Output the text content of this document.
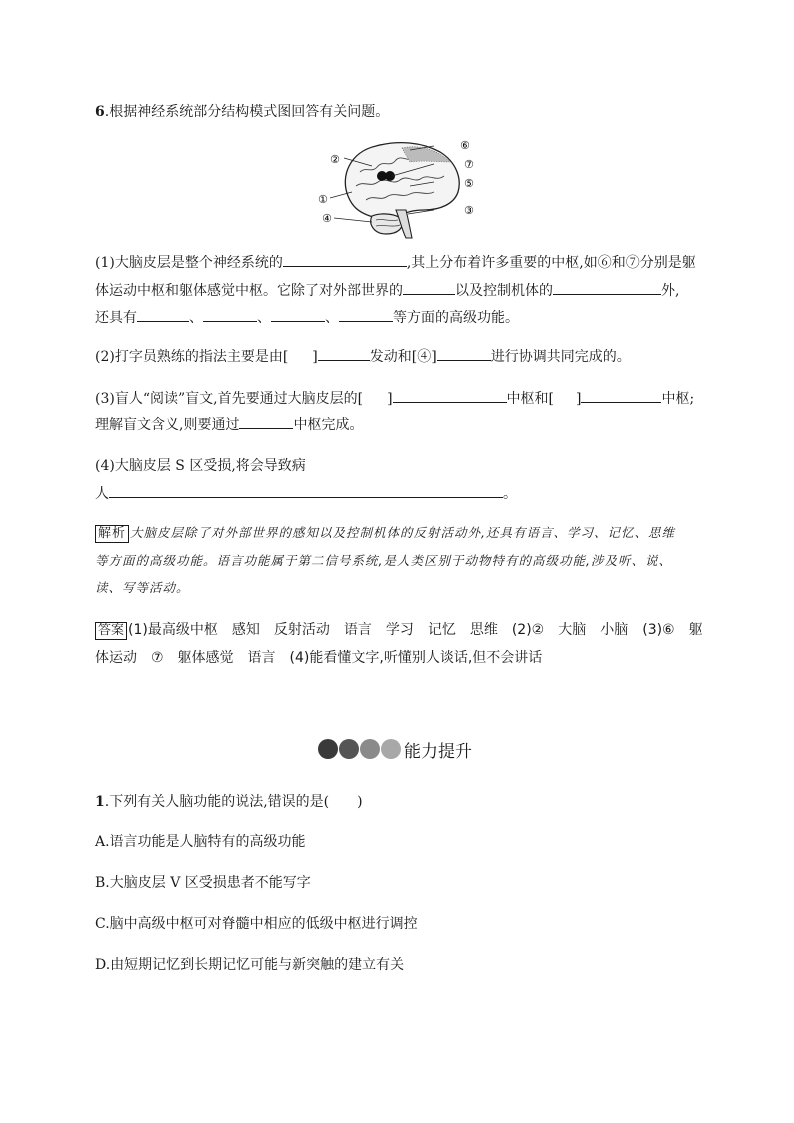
6.根据神经系统部分结构模式图回答有关问题。
①
②
③
④
⑤
⑥
⑦
(1)大脑皮层是整个神经系统的	,其上分布着许多重要的中枢,如⑥和⑦分别是躯
体运动中枢和躯体感觉中枢。它除了对外部世界的	以及控制机体的	外,
还具有	、	、	、	等方面的高级功能。
(2)打字员熟练的指法主要是由[ ]	发动和[④]	进行协调共同完成的。
(3)盲人“阅读”盲文,首先要通过大脑皮层的[ ]	中枢和[ ]	中枢;
理解盲文含义,则要通过	中枢完成。
(4)大脑皮层 S 区受损,将会导致病
人	。
解析 大脑皮层除了对外部世界的感知以及控制机体的反射活动外,还具有语言、学习、记忆、思维
等方面的高级功能。语言功能属于第二信号系统,是人类区别于动物特有的高级功能,涉及听、说、
读、写等活动。
答案 (1)最高级中枢　感知　反射活动　语言　学习　记忆　思维　(2)②　大脑　小脑　(3)⑥　躯
体运动　⑦　躯体感觉　语言　(4)能看懂文字,听懂别人谈话,但不会讲话
能力提升
1.下列有关人脑功能的说法,错误的是(　　)
A.语言功能是人脑特有的高级功能
B.大脑皮层 V 区受损患者不能写字
C.脑中高级中枢可对脊髓中相应的低级中枢进行调控
D.由短期记忆到长期记忆可能与新突触的建立有关
